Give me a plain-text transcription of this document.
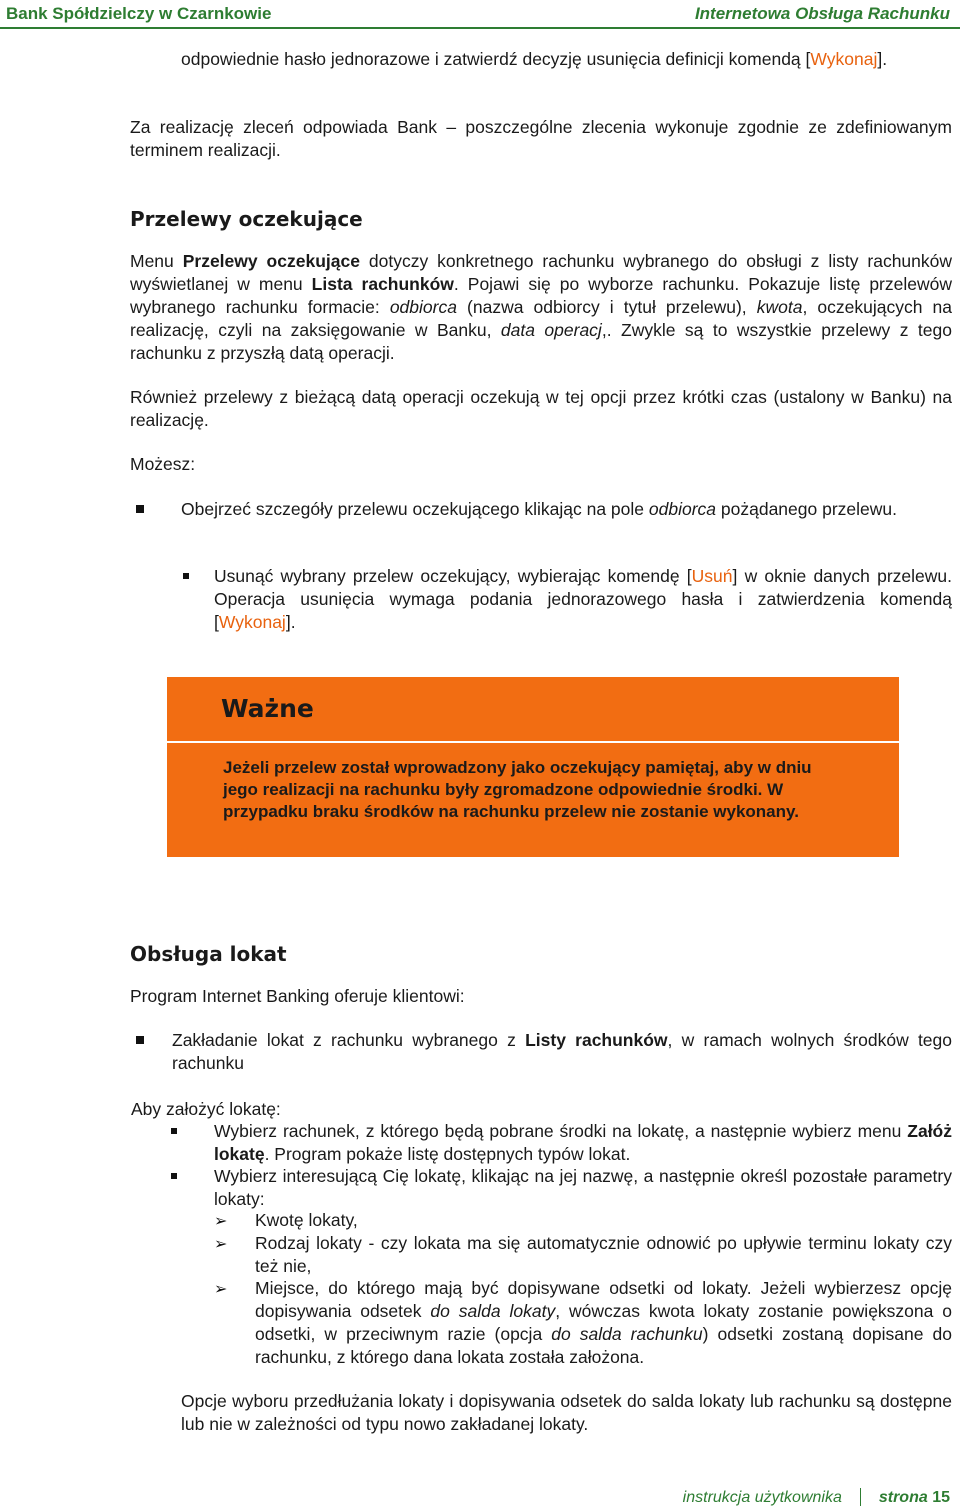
Bank Spółdzielczy w Czarnkowie	Internetowa Obsługa Rachunku
odpowiednie hasło jednorazowe i zatwierdź decyzję usunięcia definicji komendą [Wykonaj].
Za realizację zleceń odpowiada Bank – poszczególne zlecenia wykonuje zgodnie ze zdefiniowanym terminem realizacji.
Przelewy oczekujące
Menu Przelewy oczekujące dotyczy konkretnego rachunku wybranego do obsługi z listy rachunków wyświetlanej w menu Lista rachunków. Pojawi się po wyborze rachunku. Pokazuje listę przelewów wybranego rachunku formacie: odbiorca (nazwa odbiorcy i tytuł przelewu), kwota, oczekujących na realizację, czyli na zaksięgowanie w Banku, data operacj,. Zwykle są to wszystkie przelewy z tego rachunku z przyszłą datą operacji.
Również przelewy z bieżącą datą operacji oczekują w tej opcji przez krótki czas (ustalony w Banku) na realizację.
Możesz:
Obejrzeć szczegóły przelewu oczekującego klikając na pole odbiorca pożądanego przelewu.
Usunąć wybrany przelew oczekujący, wybierając komendę [Usuń] w oknie danych przelewu. Operacja usunięcia wymaga podania jednorazowego hasła i zatwierdzenia komendą [Wykonaj].
Ważne
Jeżeli przelew został wprowadzony jako oczekujący pamiętaj, aby w dniu jego realizacji na rachunku były zgromadzone odpowiednie środki. W przypadku braku środków na rachunku przelew nie zostanie wykonany.
Obsługa lokat
Program Internet Banking oferuje klientowi:
Zakładanie lokat z rachunku wybranego z Listy rachunków, w ramach wolnych środków tego rachunku
Aby założyć lokatę:
Wybierz rachunek, z którego będą pobrane środki na lokatę, a następnie wybierz menu Załóż lokatę. Program pokaże listę dostępnych typów lokat.
Wybierz interesującą Cię lokatę, klikając na jej nazwę, a następnie określ pozostałe parametry lokaty:
➢ Kwotę lokaty,
➢ Rodzaj lokaty - czy lokata ma się automatycznie odnowić po upływie terminu lokaty czy też nie,
➢ Miejsce, do którego mają być dopisywane odsetki od lokaty. Jeżeli wybierzesz opcję dopisywania odsetek do salda lokaty, wówczas kwota lokaty zostanie powiększona o odsetki, w przeciwnym razie (opcja do salda rachunku) odsetki zostaną dopisane do rachunku, z którego dana lokata została założona.
Opcje wyboru przedłużania lokaty i dopisywania odsetek do salda lokaty lub rachunku są dostępne lub nie w zależności od typu nowo zakładanej lokaty.
instrukcja użytkownika strona 15
